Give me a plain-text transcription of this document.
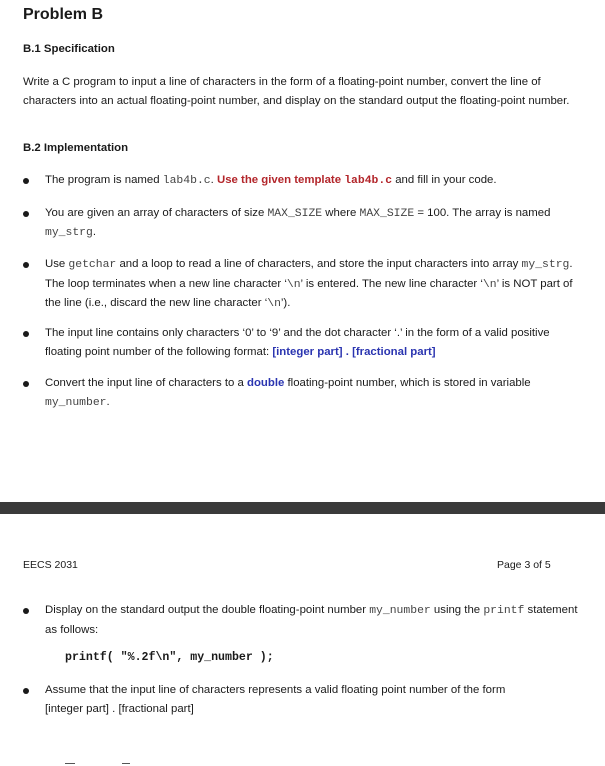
Problem B
B.1 Specification
Write a C program to input a line of characters in the form of a floating-point number, convert the line of characters into an actual floating-point number, and display on the standard output the floating-point number.
B.2 Implementation
The program is named lab4b.c. Use the given template lab4b.c and fill in your code.
You are given an array of characters of size MAX_SIZE where MAX_SIZE = 100. The array is named my_strg.
Use getchar and a loop to read a line of characters, and store the input characters into array my_strg. The loop terminates when a new line character ‘\n’ is entered. The new line character ‘\n’ is NOT part of the line (i.e., discard the new line character ‘\n’).
The input line contains only characters ‘0’ to ‘9’ and the dot character ‘.’ in the form of a valid positive floating point number of the following format: [integer part] . [fractional part]
Convert the input line of characters to a double floating-point number, which is stored in variable my_number.
EECS 2031	Page 3 of 5
Display on the standard output the double floating-point number my_number using the printf statement as follows:
printf( "%.2f\n", my_number );
Assume that the input line of characters represents a valid floating point number of the form
[integer part] . [fractional part]
